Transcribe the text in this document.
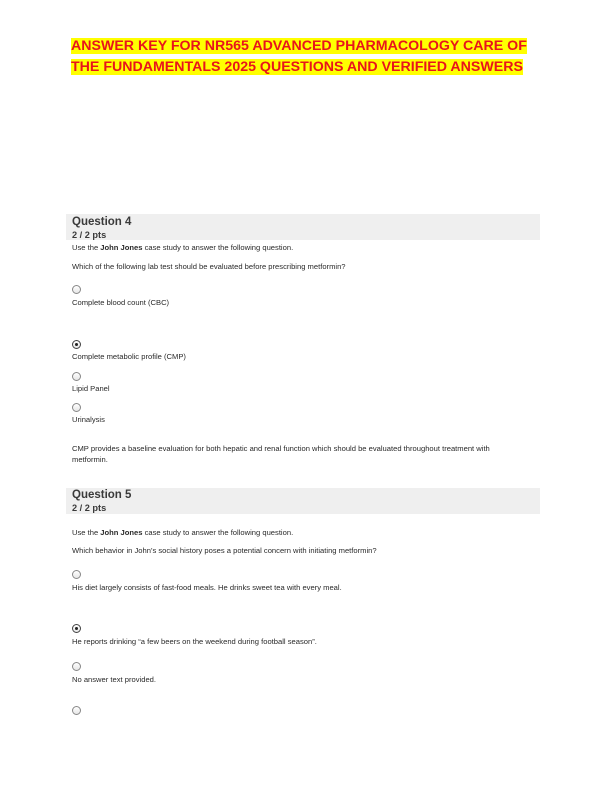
ANSWER KEY FOR NR565 ADVANCED PHARMACOLOGY CARE OF THE FUNDAMENTALS 2025 QUESTIONS AND VERIFIED ANSWERS
Question 4
2 / 2 pts
Use the John Jones case study to answer the following question.
Which of the following lab test should be evaluated before prescribing metformin?
Complete blood count (CBC)
Complete metabolic profile (CMP)
Lipid Panel
Urinalysis
CMP provides a baseline evaluation for both hepatic and renal function which should be evaluated throughout treatment with metformin.
Question 5
2 / 2 pts
Use the John Jones case study to answer the following question.
Which behavior in John’s social history poses a potential concern with initiating metformin?
His diet largely consists of fast-food meals. He drinks sweet tea with every meal.
He reports drinking “a few beers on the weekend during football season”.
No answer text provided.
